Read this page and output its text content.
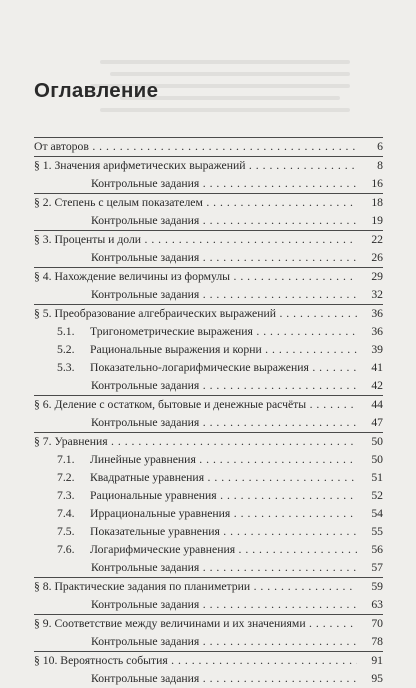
Оглавление
От авторов . . .	6
§ 1. Значения арифметических выражений . . .	8
Контрольные задания . . .	16
§ 2. Степень с целым показателем . . .	18
Контрольные задания . . .	19
§ 3. Проценты и доли . . .	22
Контрольные задания . . .	26
§ 4. Нахождение величины из формулы . . .	29
Контрольные задания . . .	32
§ 5. Преобразование алгебраических выражений . . .	36
5.1. Тригонометрические выражения . . .	36
5.2. Рациональные выражения и корни . . .	39
5.3. Показательно-логарифмические выражения . . .	41
Контрольные задания . . .	42
§ 6. Деление с остатком, бытовые и денежные расчёты . . .	44
Контрольные задания . . .	47
§ 7. Уравнения . . .	50
7.1. Линейные уравнения . . .	50
7.2. Квадратные уравнения . . .	51
7.3. Рациональные уравнения . . .	52
7.4. Иррациональные уравнения . . .	54
7.5. Показательные уравнения . . .	55
7.6. Логарифмические уравнения . . .	56
Контрольные задания . . .	57
§ 8. Практические задания по планиметрии . . .	59
Контрольные задания . . .	63
§ 9. Соответствие между величинами и их значениями . . .	70
Контрольные задания . . .	78
§ 10. Вероятность события . . .	91
Контрольные задания . . .	95
